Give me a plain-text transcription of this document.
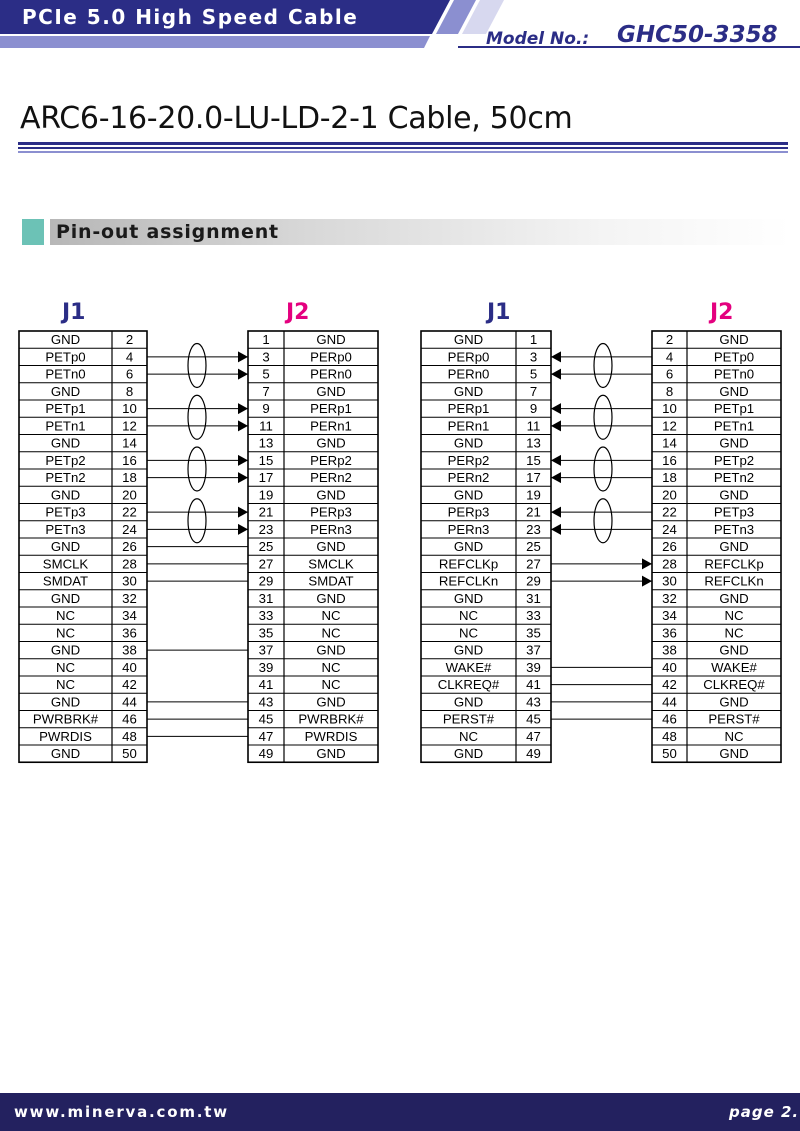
PCIe 5.0 High Speed Cable
Model No.: GHC50-3358
ARC6-16-20.0-LU-LD-2-1 Cable, 50cm
Pin-out assignment
J1	J2	J1	J2
GND	2
PETp0	4
PETn0	6
GND	8
PETp1	10
PETn1	12
GND	14
PETp2	16
PETn2	18
GND	20
PETp3	22
PETn3	24
GND	26
SMCLK	28
SMDAT	30
GND	32
NC	34
NC	36
GND	38
NC	40
NC	42
GND	44
PWRBRK# 46
PWRDIS 48
GND	50
1	GND
3	PERp0
5	PERn0
7	GND
9	PERp1
11	PERn1
13	GND
15	PERp2
17	PERn2
19	GND
21	PERp3
23	PERn3
25	GND
27	SMCLK
29	SMDAT
31	GND
33	NC
35	NC
37	GND
39	NC
41	NC
43	GND
45 PWRBRK#
47 PWRDIS
49	GND
GND	1
PERp0	3
PERn0	5
GND	7
PERp1	9
PERn1	11
GND	13
PERp2	15
PERn2	17
GND	19
PERp3	21
PERn3	23
GND	25
REFCLKp 27
REFCLKn 29
GND	31
NC	33
NC	35
GND	37
WAKE#	39
CLKREQ# 41
GND	43
PERST# 45
NC	47
GND	49
2	GND
4	PETp0
6	PETn0
8	GND
10	PETp1
12	PETn1
14	GND
16	PETp2
18	PETn2
20	GND
22	PETp3
24	PETn3
26	GND
28 REFCLKp
30 REFCLKn
32	GND
34	NC
36	NC
38	GND
40	WAKE#
42 CLKREQ#
44	GND
46 PERST#
48	NC
50	GND
www.minerva.com.tw	page 2.
